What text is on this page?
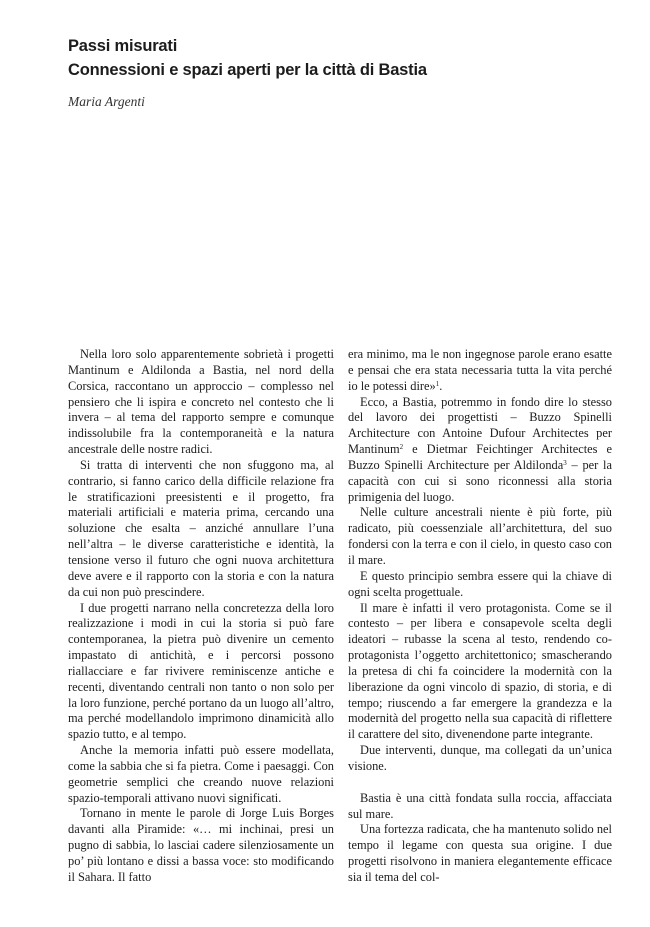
Passi misurati
Connessioni e spazi aperti per la città di Bastia
Maria Argenti

Nella loro solo apparentemente sobrietà i progetti Mantinum e Aldilonda a Bastia, nel nord della Corsica, raccontano un approccio – complesso nel pensiero che li ispira e concreto nel contesto che li invera – al tema del rapporto sempre e comunque indissolubile fra la contemporaneità e la natura ancestrale delle nostre radici.

Si tratta di interventi che non sfuggono ma, al contrario, si fanno carico della difficile relazione fra le stratificazioni preesistenti e il progetto, fra materiali artificiali e materia prima, cercando una soluzione che esalta – anziché annullare l’una nell’altra – le diverse caratteristiche e identità, la tensione verso il futuro che ogni nuova architettura deve avere e il rapporto con la storia e con la natura da cui non può prescindere.

I due progetti narrano nella concretezza della loro realizzazione i modi in cui la storia si può fare contemporanea, la pietra può divenire un cemento impastato di antichità, e i percorsi possono riallacciare e far rivivere reminiscenze antiche e recenti, diventando centrali non tanto o non solo per la loro funzione, perché portano da un luogo all’altro, ma perché modellandolo imprimono dinamicità allo spazio tutto, e al tempo.

Anche la memoria infatti può essere modellata, come la sabbia che si fa pietra. Come i paesaggi. Con geometrie semplici che creando nuove relazioni spazio-temporali attivano nuovi significati.

Tornano in mente le parole di Jorge Luis Borges davanti alla Piramide: «… mi inchinai, presi un pugno di sabbia, lo lasciai cadere silenziosamente un po’ più lontano e dissi a bassa voce: sto modificando il Sahara. Il fatto

era minimo, ma le non ingegnose parole erano esatte e pensai che era stata necessaria tutta la vita perché io le potessi dire»$^1$.

Ecco, a Bastia, potremmo in fondo dire lo stesso del lavoro dei progettisti – Buzzo Spinelli Architecture con Antoine Dufour Architectes per Mantinum$^2$ e Dietmar Feichtinger Architectes e Buzzo Spinelli Architecture per Aldilonda$^3$ – per la capacità con cui si sono riconnessi alla storia primigenia del luogo.

Nelle culture ancestrali niente è più forte, più radicato, più coessenziale all’architettura, del suo fondersi con la terra e con il cielo, in questo caso con il mare.

E questo principio sembra essere qui la chiave di ogni scelta progettuale.

Il mare è infatti il vero protagonista. Come se il contesto – per libera e consapevole scelta degli ideatori – rubasse la scena al testo, rendendo co-protagonista l’oggetto architettonico; smascherando la pretesa di chi fa coincidere la modernità con la liberazione da ogni vincolo di spazio, di storia, e di tempo; riuscendo a far emergere la grandezza e la modernità del progetto nella sua capacità di riflettere il carattere del sito, divenendone parte integrante.

Due interventi, dunque, ma collegati da un’unica visione.

Bastia è una città fondata sulla roccia, affacciata sul mare.

Una fortezza radicata, che ha mantenuto solido nel tempo il legame con questa sua origine. I due progetti risolvono in maniera elegantemente efficace sia il tema del col-
